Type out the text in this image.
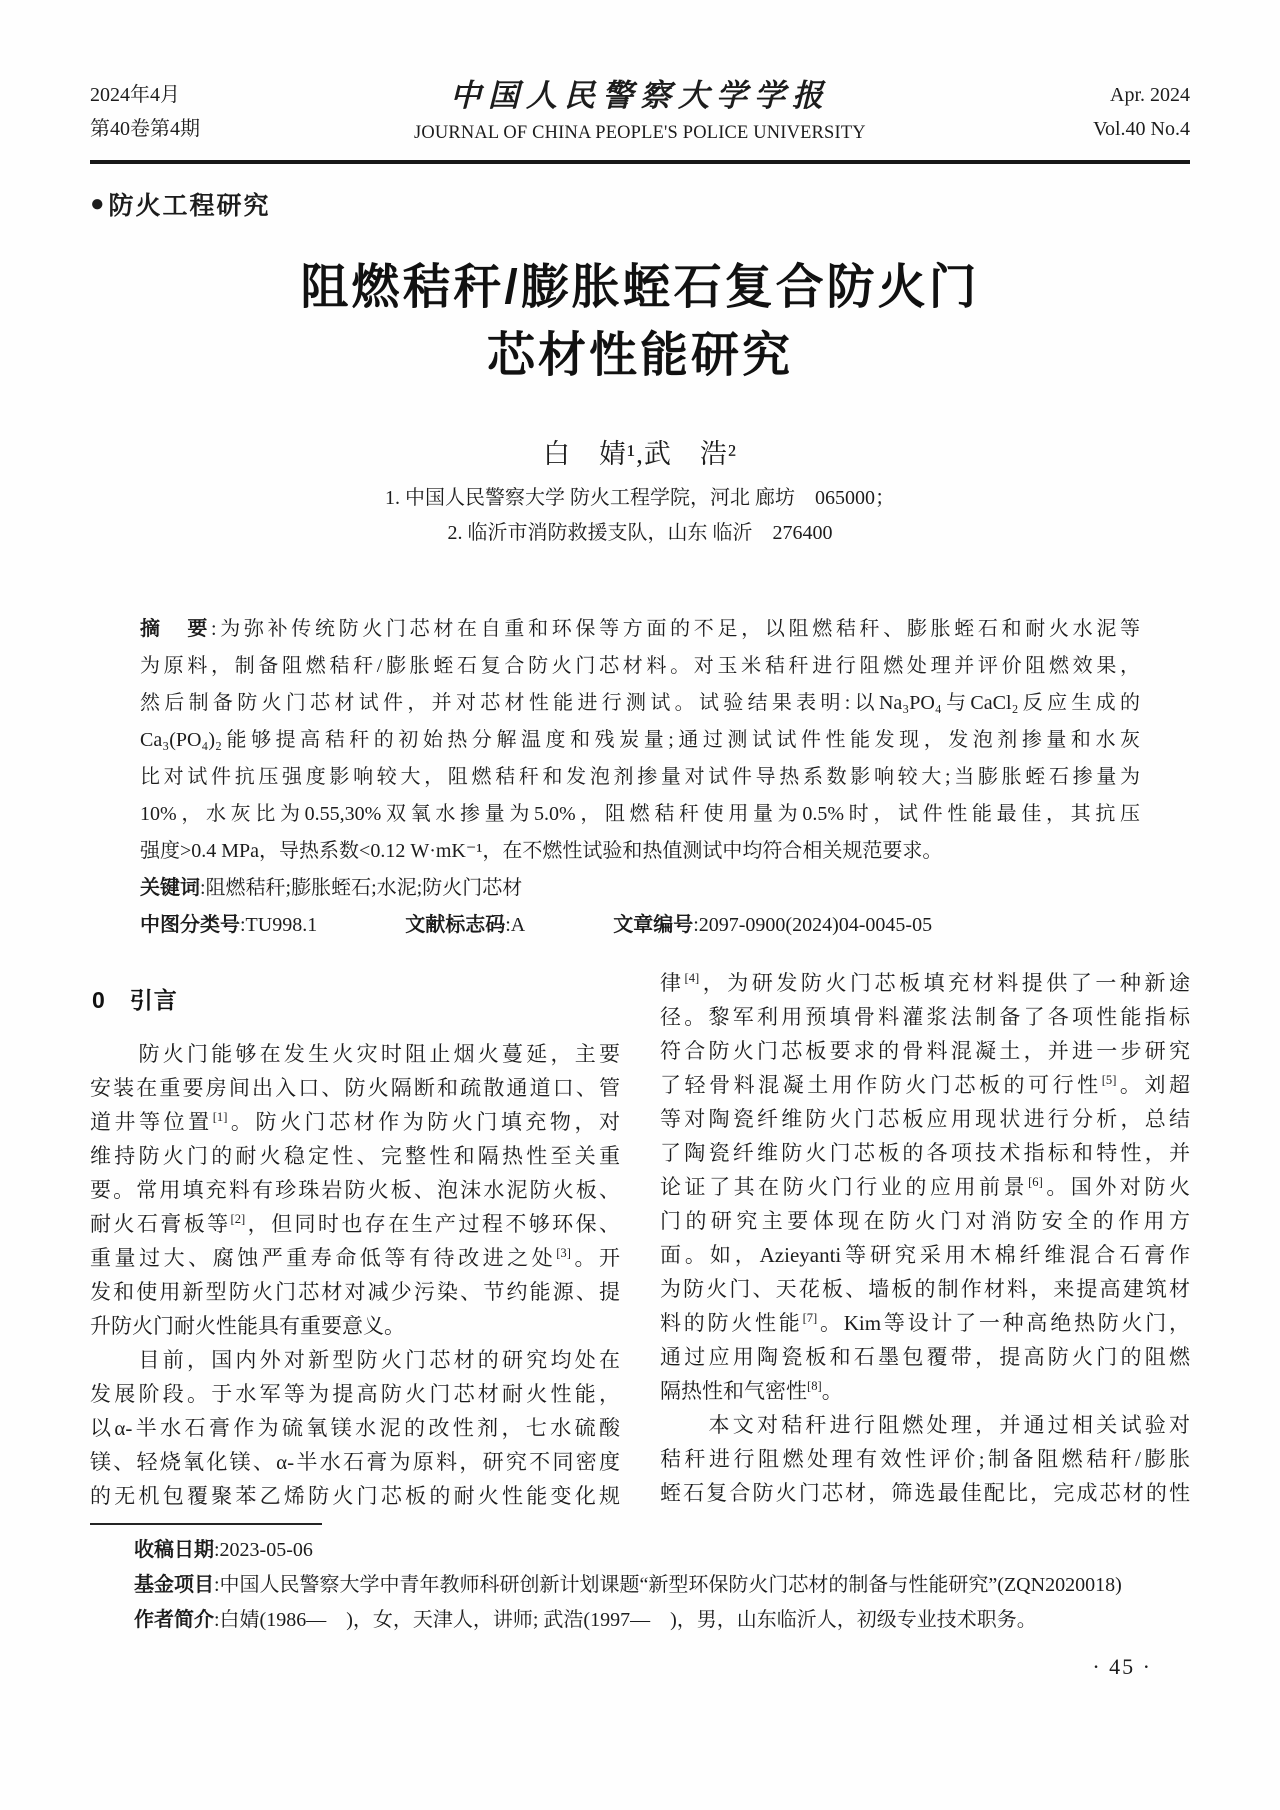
2024年4月
第40卷第4期
中国人民警察大学学报
JOURNAL OF CHINA PEOPLE'S POLICE UNIVERSITY
Apr. 2024
Vol.40 No.4
● 防火工程研究
阻燃秸秆/膨胀蛭石复合防火门
芯材性能研究
白　婧¹,武　浩²
1. 中国人民警察大学 防火工程学院，河北 廊坊　065000；
2. 临沂市消防救援支队，山东 临沂　276400
摘　要:为弥补传统防火门芯材在自重和环保等方面的不足，以阻燃秸秆、膨胀蛭石和耐火水泥等
为原料，制备阻燃秸秆/膨胀蛭石复合防火门芯材料。对玉米秸秆进行阻燃处理并评价阻燃效果，
然后制备防火门芯材试件，并对芯材性能进行测试。试验结果表明:以Na₃PO₄与CaCl₂反应生成的
Ca₃(PO₄)₂能够提高秸秆的初始热分解温度和残炭量;通过测试试件性能发现，发泡剂掺量和水灰
比对试件抗压强度影响较大，阻燃秸秆和发泡剂掺量对试件导热系数影响较大;当膨胀蛭石掺量为
10%，水灰比为0.55,30%双氧水掺量为5.0%，阻燃秸秆使用量为0.5%时，试件性能最佳，其抗压
强度>0.4 MPa，导热系数<0.12 W·mK⁻¹，在不燃性试验和热值测试中均符合相关规范要求。
关键词:阻燃秸秆;膨胀蛭石;水泥;防火门芯材
中图分类号:TU998.1	文献标志码:A	文章编号:2097-0900(2024)04-0045-05
0　引言
　　防火门能够在发生火灾时阻止烟火蔓延，主要
安装在重要房间出入口、防火隔断和疏散通道口、管
道井等位置[1]。防火门芯材作为防火门填充物，对
维持防火门的耐火稳定性、完整性和隔热性至关重
要。常用填充料有珍珠岩防火板、泡沫水泥防火板、
耐火石膏板等[2]，但同时也存在生产过程不够环保、
重量过大、腐蚀严重寿命低等有待改进之处[3]。开
发和使用新型防火门芯材对减少污染、节约能源、提
升防火门耐火性能具有重要意义。
　　目前，国内外对新型防火门芯材的研究均处在
发展阶段。于水军等为提高防火门芯材耐火性能，
以α-半水石膏作为硫氧镁水泥的改性剂，七水硫酸
镁、轻烧氧化镁、α-半水石膏为原料，研究不同密度
的无机包覆聚苯乙烯防火门芯板的耐火性能变化规
律[4]，为研发防火门芯板填充材料提供了一种新途
径。黎军利用预填骨料灌浆法制备了各项性能指标
符合防火门芯板要求的骨料混凝土，并进一步研究
了轻骨料混凝土用作防火门芯板的可行性[5]。刘超
等对陶瓷纤维防火门芯板应用现状进行分析，总结
了陶瓷纤维防火门芯板的各项技术指标和特性，并
论证了其在防火门行业的应用前景[6]。国外对防火
门的研究主要体现在防火门对消防安全的作用方
面。如，Azieyanti等研究采用木棉纤维混合石膏作
为防火门、天花板、墙板的制作材料，来提高建筑材
料的防火性能[7]。Kim等设计了一种高绝热防火门，
通过应用陶瓷板和石墨包覆带，提高防火门的阻燃
隔热性和气密性[8]。
　　本文对秸秆进行阻燃处理，并通过相关试验对
秸秆进行阻燃处理有效性评价;制备阻燃秸秆/膨胀
蛭石复合防火门芯材，筛选最佳配比，完成芯材的性
收稿日期:2023-05-06
基金项目:中国人民警察大学中青年教师科研创新计划课题“新型环保防火门芯材的制备与性能研究”(ZQN2020018)
作者简介:白婧(1986—　)，女，天津人，讲师; 武浩(1997—　)，男，山东临沂人，初级专业技术职务。
· 45 ·
